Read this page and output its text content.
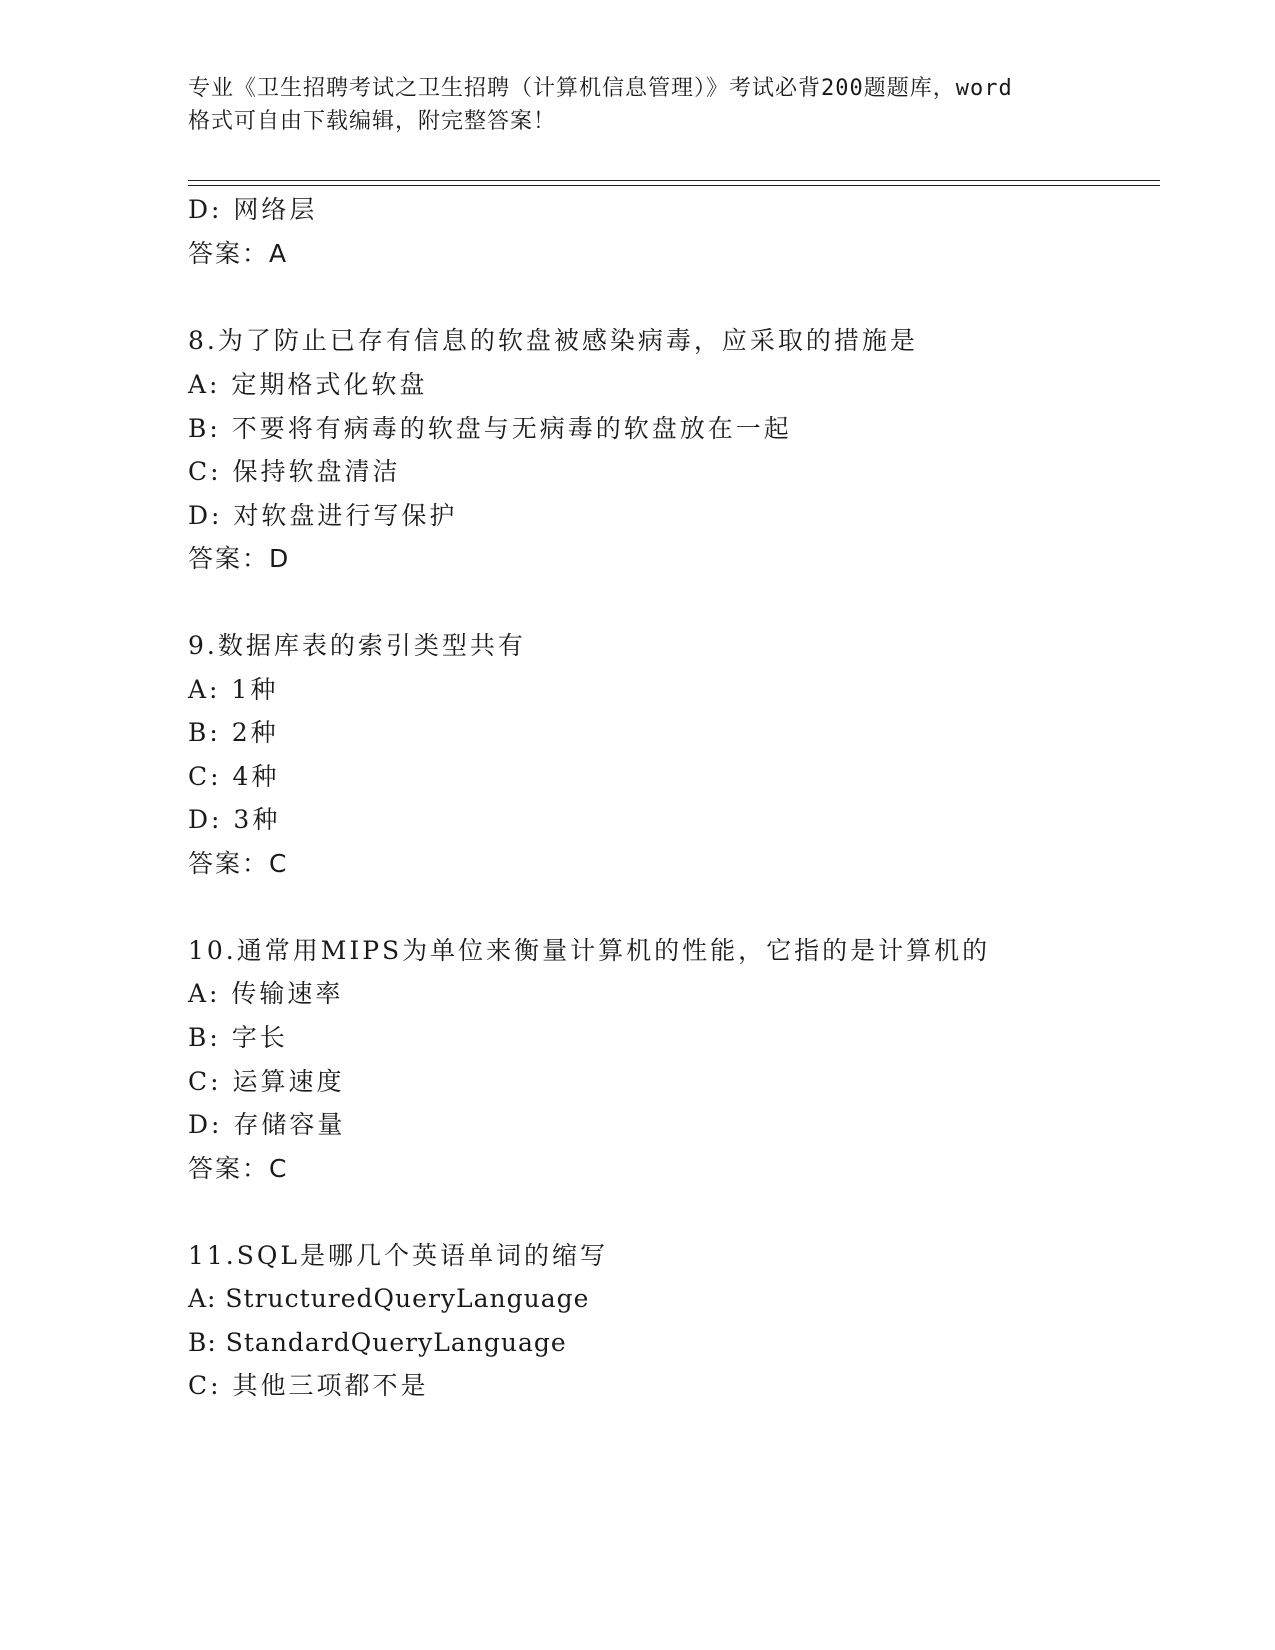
专业《卫生招聘考试之卫生招聘（计算机信息管理）》考试必背200题题库，word
格式可自由下载编辑，附完整答案！
D: 网络层
答案：A
8.为了防止已存有信息的软盘被感染病毒，应采取的措施是
A: 定期格式化软盘
B: 不要将有病毒的软盘与无病毒的软盘放在一起
C: 保持软盘清洁
D: 对软盘进行写保护
答案：D
9.数据库表的索引类型共有
A: 1种
B: 2种
C: 4种
D: 3种
答案：C
10.通常用MIPS为单位来衡量计算机的性能，它指的是计算机的
A: 传输速率
B: 字长
C: 运算速度
D: 存储容量
答案：C
11.SQL是哪几个英语单词的缩写
A: StructuredQueryLanguage
B: StandardQueryLanguage
C: 其他三项都不是
